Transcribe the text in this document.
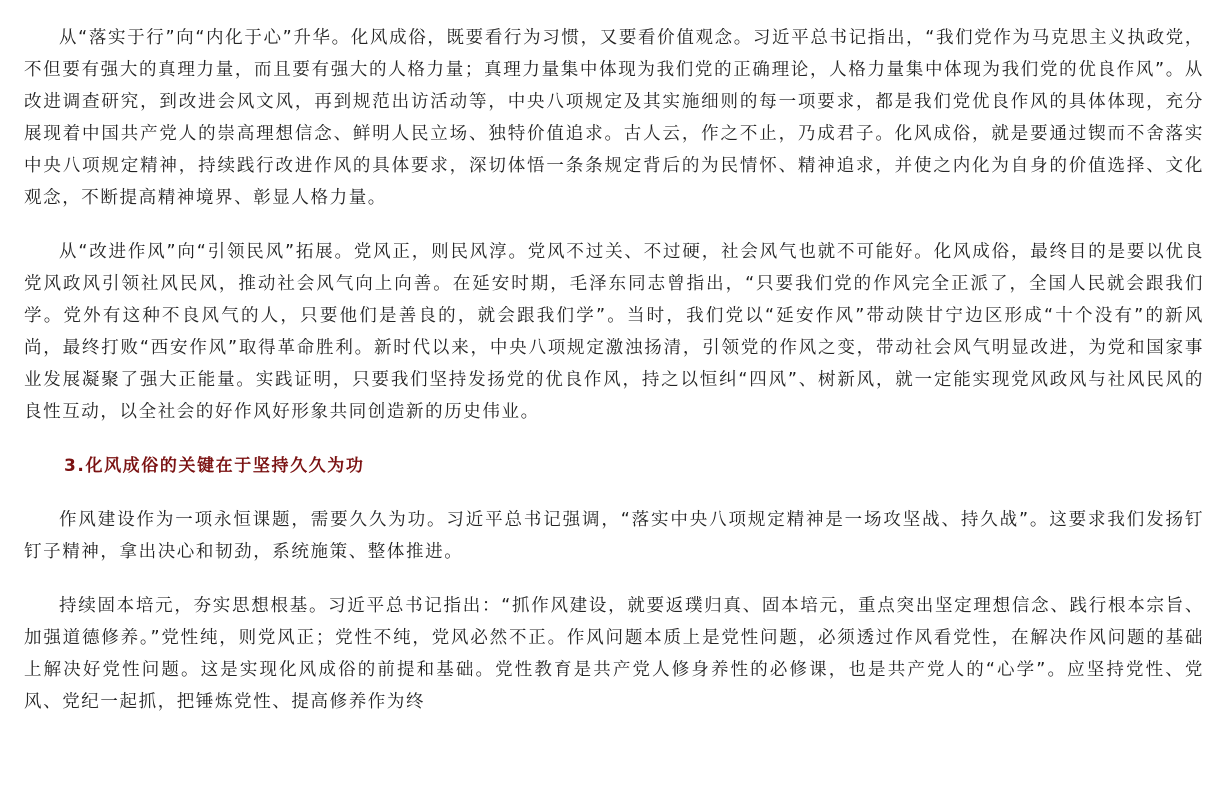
从“落实于行”向“内化于心”升华。化风成俗，既要看行为习惯，又要看价值观念。习近平总书记指出，“我们党作为马克思主义执政党，不但要有强大的真理力量，而且要有强大的人格力量；真理力量集中体现为我们党的正确理论，人格力量集中体现为我们党的优良作风”。从改进调查研究，到改进会风文风，再到规范出访活动等，中央八项规定及其实施细则的每一项要求，都是我们党优良作风的具体体现，充分展现着中国共产党人的崇高理想信念、鲜明人民立场、独特价值追求。古人云，作之不止，乃成君子。化风成俗，就是要通过锲而不舍落实中央八项规定精神，持续践行改进作风的具体要求，深切体悟一条条规定背后的为民情怀、精神追求，并使之内化为自身的价值选择、文化观念，不断提高精神境界、彰显人格力量。

从“改进作风”向“引领民风”拓展。党风正，则民风淳。党风不过关、不过硬，社会风气也就不可能好。化风成俗，最终目的是要以优良党风政风引领社风民风，推动社会风气向上向善。在延安时期，毛泽东同志曾指出，“只要我们党的作风完全正派了，全国人民就会跟我们学。党外有这种不良风气的人，只要他们是善良的，就会跟我们学”。当时，我们党以“延安作风”带动陕甘宁边区形成“十个没有”的新风尚，最终打败“西安作风”取得革命胜利。新时代以来，中央八项规定激浊扬清，引领党的作风之变，带动社会风气明显改进，为党和国家事业发展凝聚了强大正能量。实践证明，只要我们坚持发扬党的优良作风，持之以恒纠“四风”、树新风，就一定能实现党风政风与社风民风的良性互动，以全社会的好作风好形象共同创造新的历史伟业。

3.化风成俗的关键在于坚持久久为功

作风建设作为一项永恒课题，需要久久为功。习近平总书记强调，“落实中央八项规定精神是一场攻坚战、持久战”。这要求我们发扬钉钉子精神，拿出决心和韧劲，系统施策、整体推进。

持续固本培元，夯实思想根基。习近平总书记指出：“抓作风建设，就要返璞归真、固本培元，重点突出坚定理想信念、践行根本宗旨、加强道德修养。”党性纯，则党风正；党性不纯，党风必然不正。作风问题本质上是党性问题，必须透过作风看党性，在解决作风问题的基础上解决好党性问题。这是实现化风成俗的前提和基础。党性教育是共产党人修身养性的必修课，也是共产党人的“心学”。应坚持党性、党风、党纪一起抓，把锤炼党性、提高修养作为终
